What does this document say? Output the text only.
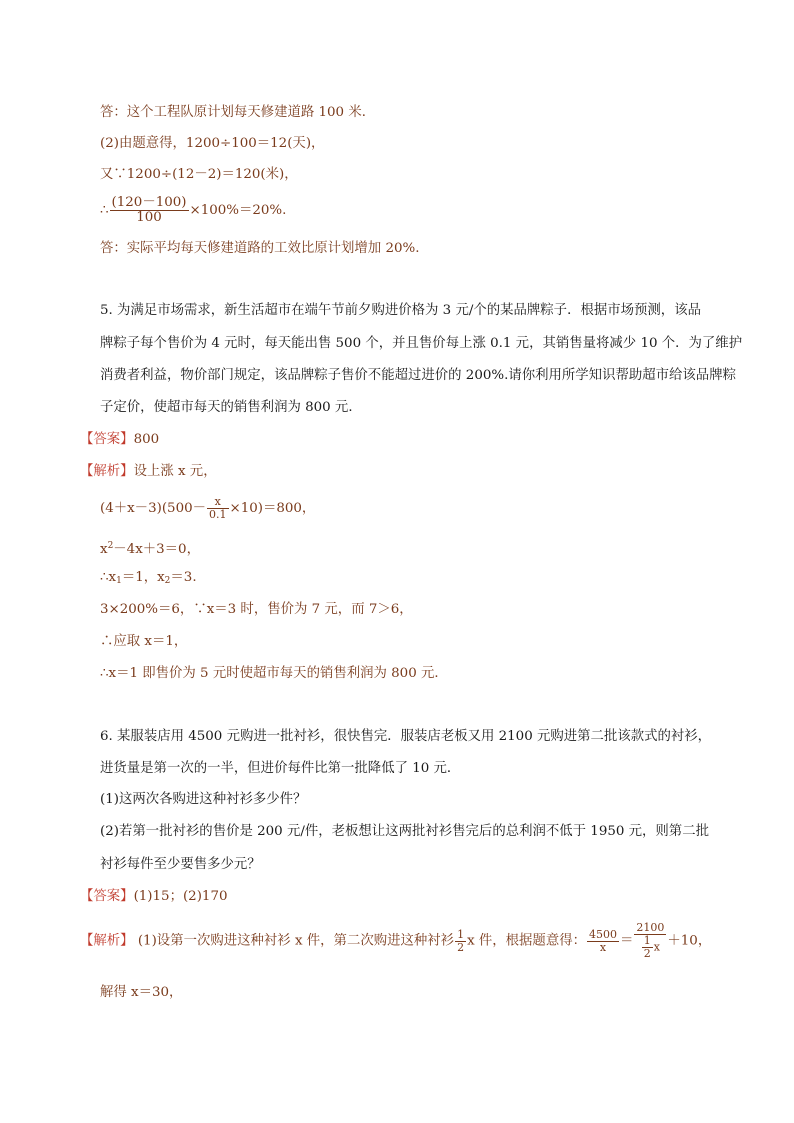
答：这个工程队原计划每天修建道路 100 米．
(2)由题意得，1200÷100＝12(天)，
又∵1200÷(12－2)＝120(米)，
∴ $\frac{(120-100)}{100} \times 100\%=20\%$.
答：实际平均每天修建道路的工效比原计划增加 20%.
5. 为满足市场需求，新生活超市在端午节前夕购进价格为 3 元/个的某品牌粽子．根据市场预测，该品
牌粽子每个售价为 4 元时，每天能出售 500 个，并且售价每上涨 0.1 元，其销售量将减少 10 个．为了维护
消费者利益，物价部门规定，该品牌粽子售价不能超过进价的 200%.请你利用所学知识帮助超市给该品牌粽
子定价，使超市每天的销售利润为 800 元．
【答案】800
【解析】设上涨 x 元，
$(4+x-3)(500- \frac{x}{0.1} \times 10)=800$，
$x^2-4x+3=0$，
$\therefore x_1=1$，$x_2=3$.
3×200%＝6，∵x＝3 时，售价为 7 元，而 7＞6，
∴应取 x＝1，
∴x＝1 即售价为 5 元时使超市每天的销售利润为 800 元．
6. 某服装店用 4500 元购进一批衬衫，很快售完．服装店老板又用 2100 元购进第二批该款式的衬衫，
进货量是第一次的一半，但进价每件比第一批降低了 10 元．
(1)这两次各购进这种衬衫多少件？
(2)若第一批衬衫的售价是 200 元/件，老板想让这两批衬衫售完后的总利润不低于 1950 元，则第二批
衬衫每件至少要售多少元？
【答案】(1)15；(2)170
【解析】 (1)设第一次购进这种衬衫 x 件，第二次购进这种衬衫 $\frac{1}{2}$ x 件，根据题意得： $\frac{4500}{x} = \frac{2100}{\frac{1}{2} x} +10$，
解得 x＝30，
